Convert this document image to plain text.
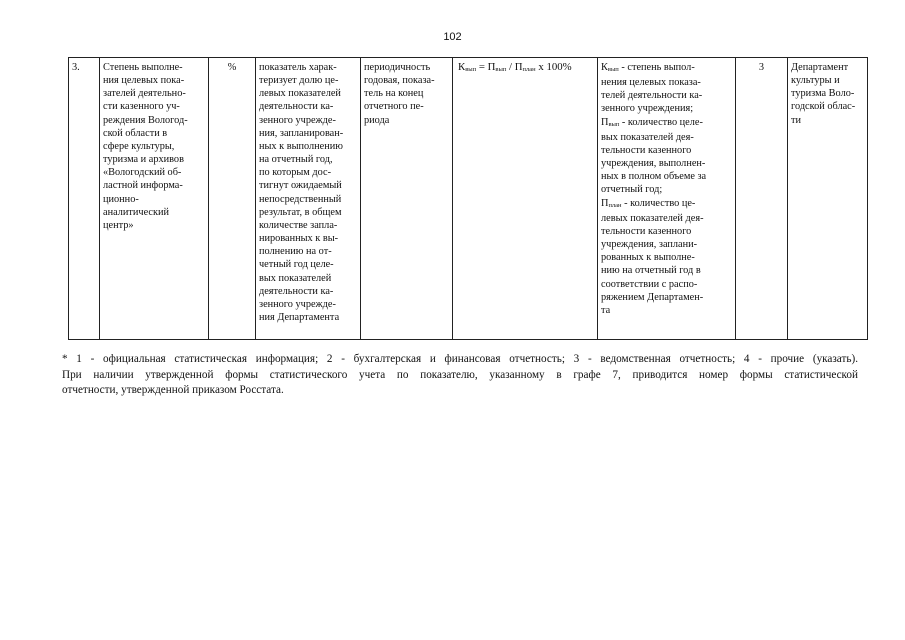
102
3.	Степень выполне-
ния целевых пока-
зателей деятельно-
сти казенного уч-
реждения Вологод-
ской области в
сфере культуры,
туризма и архивов
«Вологодский об-
ластной информа-
ционно-
аналитический
центр»
	%	показатель харак-
теризует долю це-
левых показателей
деятельности ка-
зенного учрежде-
ния, запланирован-
ных к выполнению
на отчетный год,
по которым дос-
тигнут ожидаемый
непосредственный
результат, в общем
количестве запла-
нированных к вы-
полнению на от-
четный год целе-
вых показателей
деятельности ка-
зенного учрежде-
ния Департамента

периодичность
годовая, показа-
тель на конец
отчетного пе-
риода
	$К_{вып} = П_{вып} / П_{план}$ х 100%	$К_{вып}$ - степень выпол-
нения целевых показа-
телей деятельности ка-
зенного учреждения;
$П_{вып}$ - количество целе-
вых показателей дея-
тельности казенного
учреждения, выполнен-
ных в полном объеме за
отчетный год;
$П_{план}$ - количество це-
левых показателей дея-
тельности казенного
учреждения, заплани-
рованных к выполне-
нию на отчетный год в
соответствии с распо-
ряжением Департамен-
та
	3	Департамент
культуры и
туризма Воло-
годской облас-
ти

* 1 - официальная статистическая информация; 2 - бухгалтерская и финансовая отчетность; 3 - ведомственная отчетность; 4 - прочие (указать).

При наличии утвержденной формы статистического учета по показателю, указанному в графе 7, приводится номер формы статистической

отчетности, утвержденной приказом Росстата.
